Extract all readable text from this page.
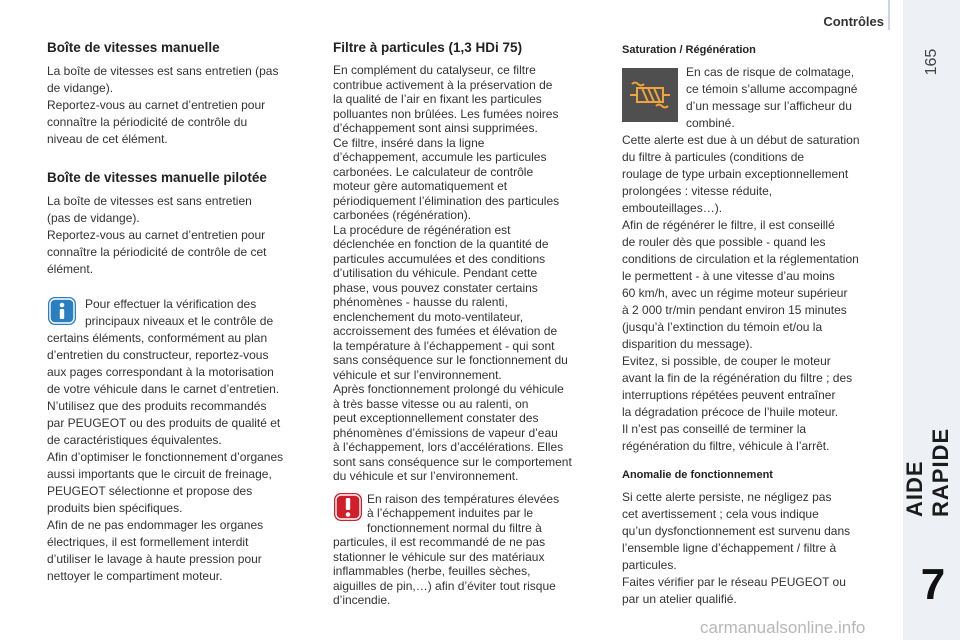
Contrôles
165
AIDE RAPIDE
7
Boîte de vitesses manuelle

La boîte de vitesses est sans entretien (pas
de vidange).
Reportez-vous au carnet d’entretien pour
connaître la périodicité de contrôle du
niveau de cet élément.

Boîte de vitesses manuelle pilotée

La boîte de vitesses est sans entretien
(pas de vidange).
Reportez-vous au carnet d’entretien pour
connaître la périodicité de contrôle de cet
élément.

Pour effectuer la vérification des
principaux niveaux et le contrôle de
certains éléments, conformément au plan
d’entretien du constructeur, reportez-vous
aux pages correspondant à la motorisation
de votre véhicule dans le carnet d’entretien.
N’utilisez que des produits recommandés
par PEUGEOT ou des produits de qualité et
de caractéristiques équivalentes.
Afin d’optimiser le fonctionnement d’organes
aussi importants que le circuit de freinage,
PEUGEOT sélectionne et propose des
produits bien spécifiques.
Afin de ne pas endommager les organes
électriques, il est formellement interdit
d’utiliser le lavage à haute pression pour
nettoyer le compartiment moteur.

Filtre à particules (1,3 HDi 75)

En complément du catalyseur, ce filtre
contribue activement à la préservation de
la qualité de l’air en fixant les particules
polluantes non brûlées. Les fumées noires
d’échappement sont ainsi supprimées.
Ce filtre, inséré dans la ligne
d’échappement, accumule les particules
carbonées. Le calculateur de contrôle
moteur gère automatiquement et
périodiquement l’élimination des particules
carbonées (régénération).
La procédure de régénération est
déclenchée en fonction de la quantité de
particules accumulées et des conditions
d’utilisation du véhicule. Pendant cette
phase, vous pouvez constater certains
phénomènes - hausse du ralenti,
enclenchement du moto-ventilateur,
accroissement des fumées et élévation de
la température à l’échappement - qui sont
sans conséquence sur le fonctionnement du
véhicule et sur l’environnement.
Après fonctionnement prolongé du véhicule
à très basse vitesse ou au ralenti, on
peut exceptionnellement constater des
phénomènes d’émissions de vapeur d’eau
à l’échappement, lors d’accélérations. Elles
sont sans conséquence sur le comportement
du véhicule et sur l’environnement.

En raison des températures élevées
à l’échappement induites par le
fonctionnement normal du filtre à
particules, il est recommandé de ne pas
stationner le véhicule sur des matériaux
inflammables (herbe, feuilles sèches,
aiguilles de pin,…) afin d’éviter tout risque
d’incendie.

Saturation / Régénération

En cas de risque de colmatage,
ce témoin s’allume accompagné
d’un message sur l’afficheur du
combiné.

Cette alerte est due à un début de saturation
du filtre à particules (conditions de
roulage de type urbain exceptionnellement
prolongées : vitesse réduite,
embouteillages…).
Afin de régénérer le filtre, il est conseillé
de rouler dès que possible - quand les
conditions de circulation et la réglementation
le permettent - à une vitesse d’au moins
60 km/h, avec un régime moteur supérieur
à 2 000 tr/min pendant environ 15 minutes
(jusqu’à l’extinction du témoin et/ou la
disparition du message).
Evitez, si possible, de couper le moteur
avant la fin de la régénération du filtre ; des
interruptions répétées peuvent entraîner
la dégradation précoce de l’huile moteur.
Il n’est pas conseillé de terminer la
régénération du filtre, véhicule à l’arrêt.

Anomalie de fonctionnement

Si cette alerte persiste, ne négligez pas
cet avertissement ; cela vous indique
qu’un dysfonctionnement est survenu dans
l’ensemble ligne d’échappement / filtre à
particules.
Faites vérifier par le réseau PEUGEOT ou
par un atelier qualifié.

carmanualsonline.info
